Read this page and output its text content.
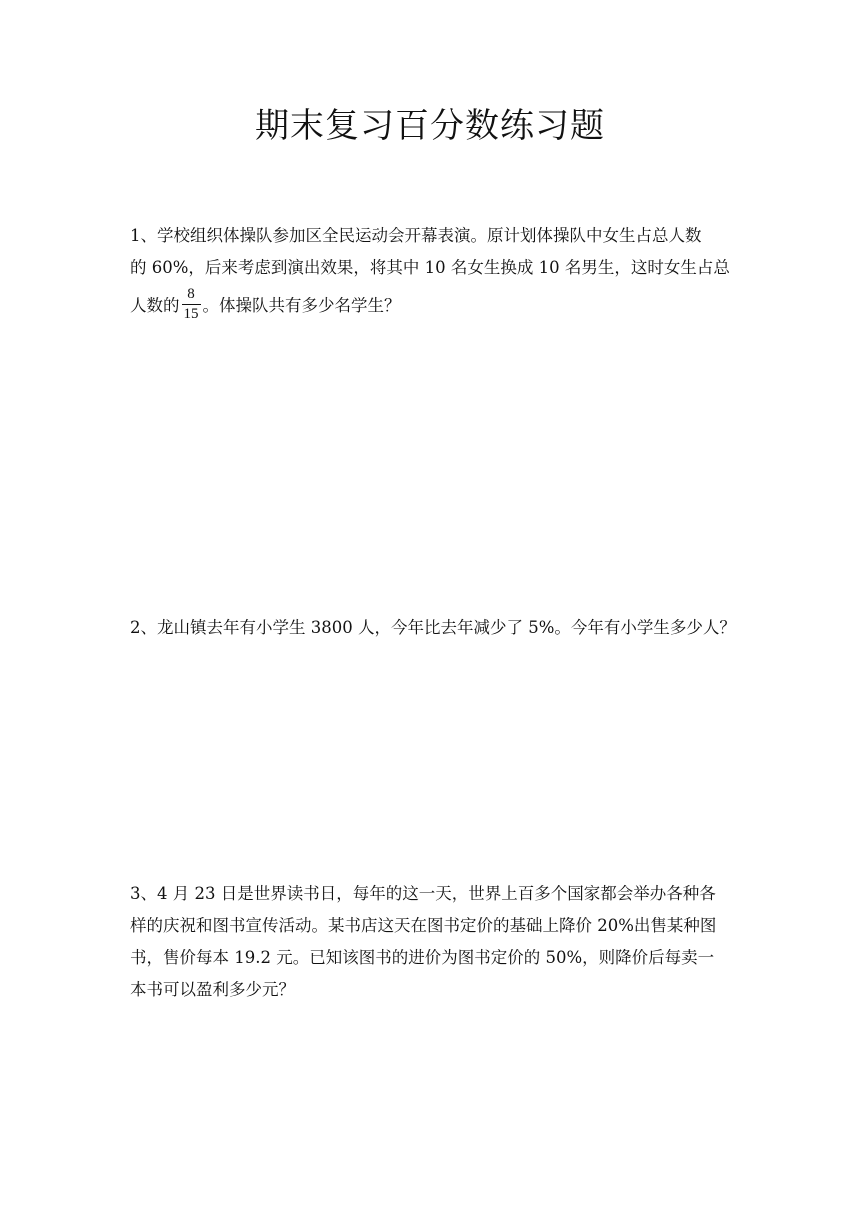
期末复习百分数练习题
1、学校组织体操队参加区全民运动会开幕表演。原计划体操队中女生占总人数
的 60%，后来考虑到演出效果，将其中 10 名女生换成 10 名男生，这时女生占总
人数的 $\frac{8}{15}$ 。体操队共有多少名学生？
2、龙山镇去年有小学生 3800 人，今年比去年减少了 5%。今年有小学生多少人？
3、4 月 23 日是世界读书日，每年的这一天，世界上百多个国家都会举办各种各
样的庆祝和图书宣传活动。某书店这天在图书定价的基础上降价 20%出售某种图
书，售价每本 19.2 元。已知该图书的进价为图书定价的 50%，则降价后每卖一
本书可以盈利多少元？
